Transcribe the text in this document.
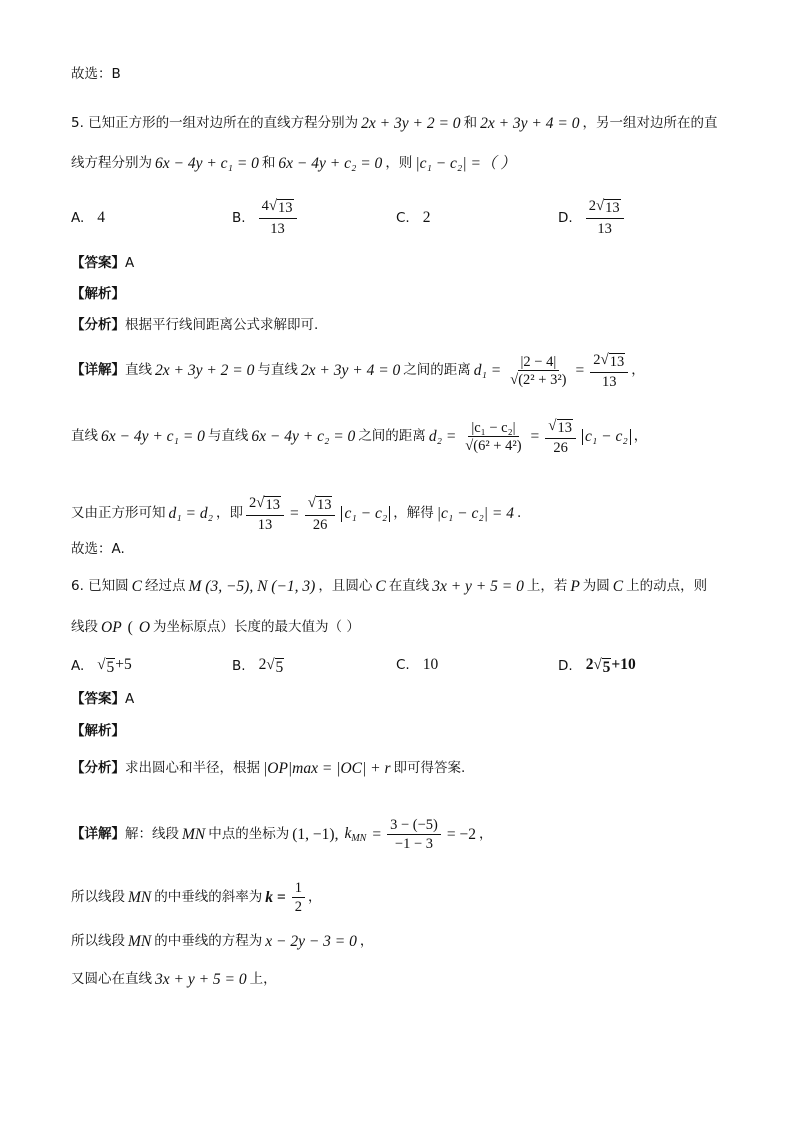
故选：B
5. 已知正方形的一组对边所在的直线方程分别为 2x + 3y + 2 = 0 和 2x + 3y + 4 = 0 ，另一组对边所在的直
线方程分别为 6x − 4y + c₁ = 0 和 6x − 4y + c₂ = 0 ，则 |c₁ − c₂| =（ ）
A. 4	B. $\frac{4 √ 13}{13}$	C. 2	D. $\frac{2 √ 13}{13}$
【答案】 A
【解析】
【分析】 根据平行线间距离公式求解即可.
【详解】 直线 2x + 3y + 2 = 0 与直线 2x + 3y + 4 = 0 之间的距离 $d_1 = \frac{|2 - 4|}{\text{√(2² + 3²)}} = \frac{2 √ 13}{13}$ ，
直线 6x − 4y + c₁ = 0 与直线 6x − 4y + c₂ = 0 之间的距离 $d_2 = \frac{\text{|c₁ − c₂|}}{\text{√(6² + 4²)}} = \frac{√ 13}{26} c_1 - c_2$ ，
又由正方形可知 d₁ = d₂ ，即 $\frac{2 √ 13}{13} = \frac{√ 13}{26} c_1 - c_2$ ，解得 |c₁ − c₂| = 4 .
故选：A.
6. 已知圆 C 经过点 M (3, −5), N (−1, 3) ，且圆心 C 在直线 3x + y + 5 = 0 上，若 P 为圆 C 上的动点，则
线段 OP ( O 为坐标原点）长度的最大值为（ ）
A. √ 5 +5	B. 2 √ 5	C. 10	D. 2 √ 5 +10
【答案】 A
【解析】
【分析】 求出圆心和半径，根据 |OP|max = |OC| + r 即可得答案.
【详解】 解：线段 MN 中点的坐标为 (1, −1), $k_{MN} = \frac{3 - (-5)}{-1 - 3} = -2$ ，
所以线段 MN 的中垂线的斜率为 $k = \frac{1}{2}$ ，
所以线段 MN 的中垂线的方程为 x − 2y − 3 = 0 ，
又圆心在直线 3x + y + 5 = 0 上，
